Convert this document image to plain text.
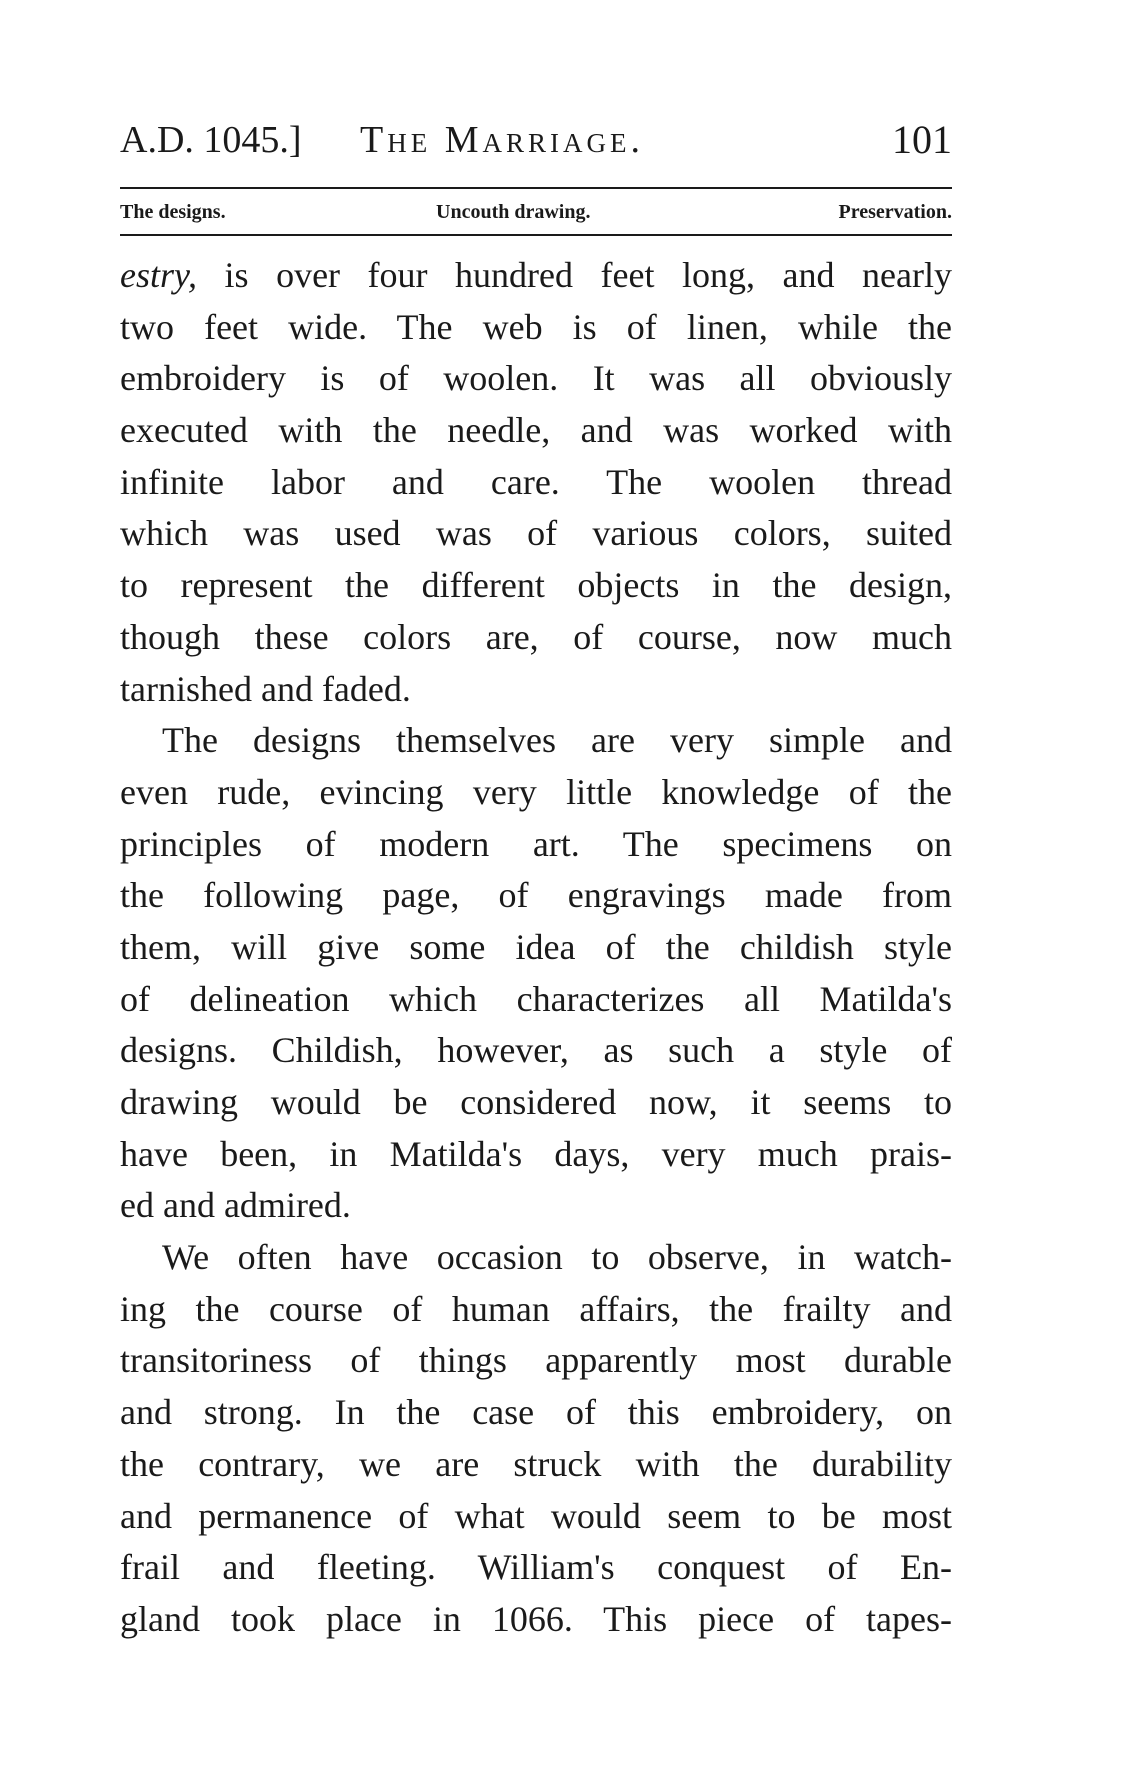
A.D. 1045.] The Marriage.	101
The designs.	Uncouth drawing.	Preservation.
estry, is over four hundred feet long, and nearly
two feet wide. The web is of linen, while the
embroidery is of woolen. It was all obviously
executed with the needle, and was worked with
infinite labor and care. The woolen thread
which was used was of various colors, suited
to represent the different objects in the design,
though these colors are, of course, now much
tarnished and faded.
The designs themselves are very simple and
even rude, evincing very little knowledge of the
principles of modern art. The specimens on
the following page, of engravings made from
them, will give some idea of the childish style
of delineation which characterizes all Matilda's
designs. Childish, however, as such a style of
drawing would be considered now, it seems to
have been, in Matilda's days, very much prais-
ed and admired.
We often have occasion to observe, in watch-
ing the course of human affairs, the frailty and
transitoriness of things apparently most durable
and strong. In the case of this embroidery, on
the contrary, we are struck with the durability
and permanence of what would seem to be most
frail and fleeting. William's conquest of En-
gland took place in 1066. This piece of tapes-
